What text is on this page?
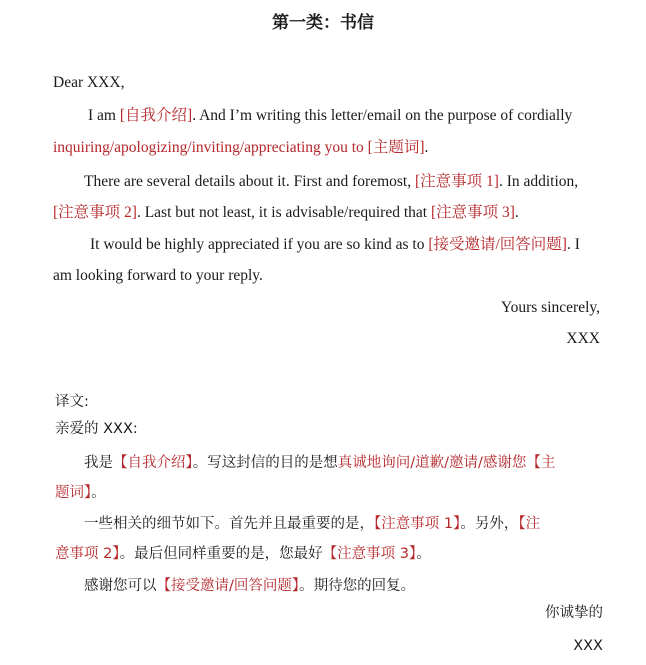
第一类：书信
Dear XXX,
I am [自我介绍]. And I’m writing this letter/email on the purpose of cordially
inquiring/apologizing/inviting/appreciating you to [主题词].
There are several details about it. First and foremost, [注意事项 1]. In addition,
[注意事项 2]. Last but not least, it is advisable/required that [注意事项 3].
It would be highly appreciated if you are so kind as to [接受邀请/回答问题]. I
am looking forward to your reply.
Yours sincerely,
XXX
译文:
亲爱的 XXX:
我是【自我介绍】。写这封信的目的是想真诚地询问/道歉/邀请/感谢您【主
题词】。
一些相关的细节如下。首先并且最重要的是，【注意事项 1】。另外，【注
意事项 2】。最后但同样重要的是，您最好【注意事项 3】。
感谢您可以【接受邀请/回答问题】。期待您的回复。
你诚挚的
XXX
